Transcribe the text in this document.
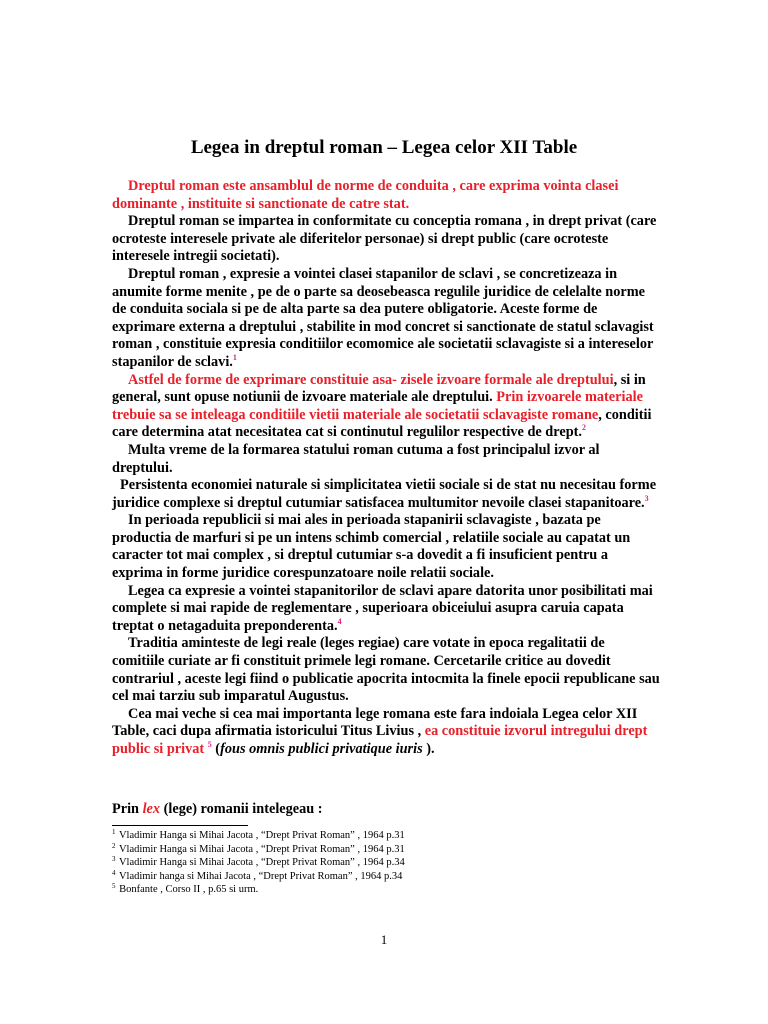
Legea in dreptul roman – Legea celor XII Table

Dreptul roman este ansamblul de norme de conduita , care exprima vointa clasei dominante , instituite si sanctionate de catre stat.

Dreptul roman se impartea in conformitate cu conceptia romana , in drept privat (care ocroteste interesele private ale diferitelor personae) si drept public (care ocroteste interesele intregii societati).

Dreptul roman , expresie a vointei clasei stapanilor de sclavi , se concretizeaza in anumite forme menite , pe de o parte sa deosebeasca regulile juridice de celelalte norme de conduita sociala si pe de alta parte sa dea putere obligatorie. Aceste forme de exprimare externa a dreptului , stabilite in mod concret si sanctionate de statul sclavagist roman , constituie expresia conditiilor ecomomice ale societatii sclavagiste si a intereselor stapanilor de sclavi.$^1$

Astfel de forme de exprimare constituie asa- zisele izvoare formale ale dreptului, si in general, sunt opuse notiunii de izvoare materiale ale dreptului. Prin izvoarele materiale trebuie sa se inteleaga conditiile vietii materiale ale societatii sclavagiste romane, conditii care determina atat necesitatea cat si continutul regulilor respective de drept.$^2$

Multa vreme de la formarea statului roman cutuma a fost principalul izvor al dreptului.

Persistenta economiei naturale si simplicitatea vietii sociale si de stat nu necesitau forme juridice complexe si dreptul cutumiar satisfacea multumitor nevoile clasei stapanitoare.$^3$

In perioada republicii si mai ales in perioada stapanirii sclavagiste , bazata pe productia de marfuri si pe un intens schimb comercial , relatiile sociale au capatat un caracter tot mai complex , si dreptul cutumiar s-a dovedit a fi insuficient pentru a exprima in forme juridice corespunzatoare noile relatii sociale.

Legea ca expresie a vointei stapanitorilor de sclavi apare datorita unor posibilitati mai complete si mai rapide de reglementare , superioara obiceiului asupra caruia capata treptat o netagaduita preponderenta.$^4$

Traditia aminteste de legi reale (leges regiae) care votate in epoca regalitatii de comitiile curiate ar fi constituit primele legi romane. Cercetarile critice au dovedit contrariul , aceste legi fiind o publicatie apocrita intocmita la finele epocii republicane sau cel mai tarziu sub imparatul Augustus.

Cea mai veche si cea mai importanta lege romana este fara indoiala Legea celor XII Table, caci dupa afirmatia istoricului Titus Livius , ea constituie izvorul intregului drept public si privat $^5$ (fous omnis publici privatique iuris ).

Prin lex (lege) romanii intelegeau :
$^1$ Vladimir Hanga si Mihai Jacota , “Drept Privat Roman” , 1964 p.31
$^2$ Vladimir Hanga si Mihai Jacota , “Drept Privat Roman” , 1964 p.31
$^3$ Vladimir Hanga si Mihai Jacota , “Drept Privat Roman” , 1964 p.34
$^4$ Vladimir hanga si Mihai Jacota , “Drept Privat Roman” , 1964 p.34
$^5$ Bonfante , Corso II , p.65 si urm.
1
